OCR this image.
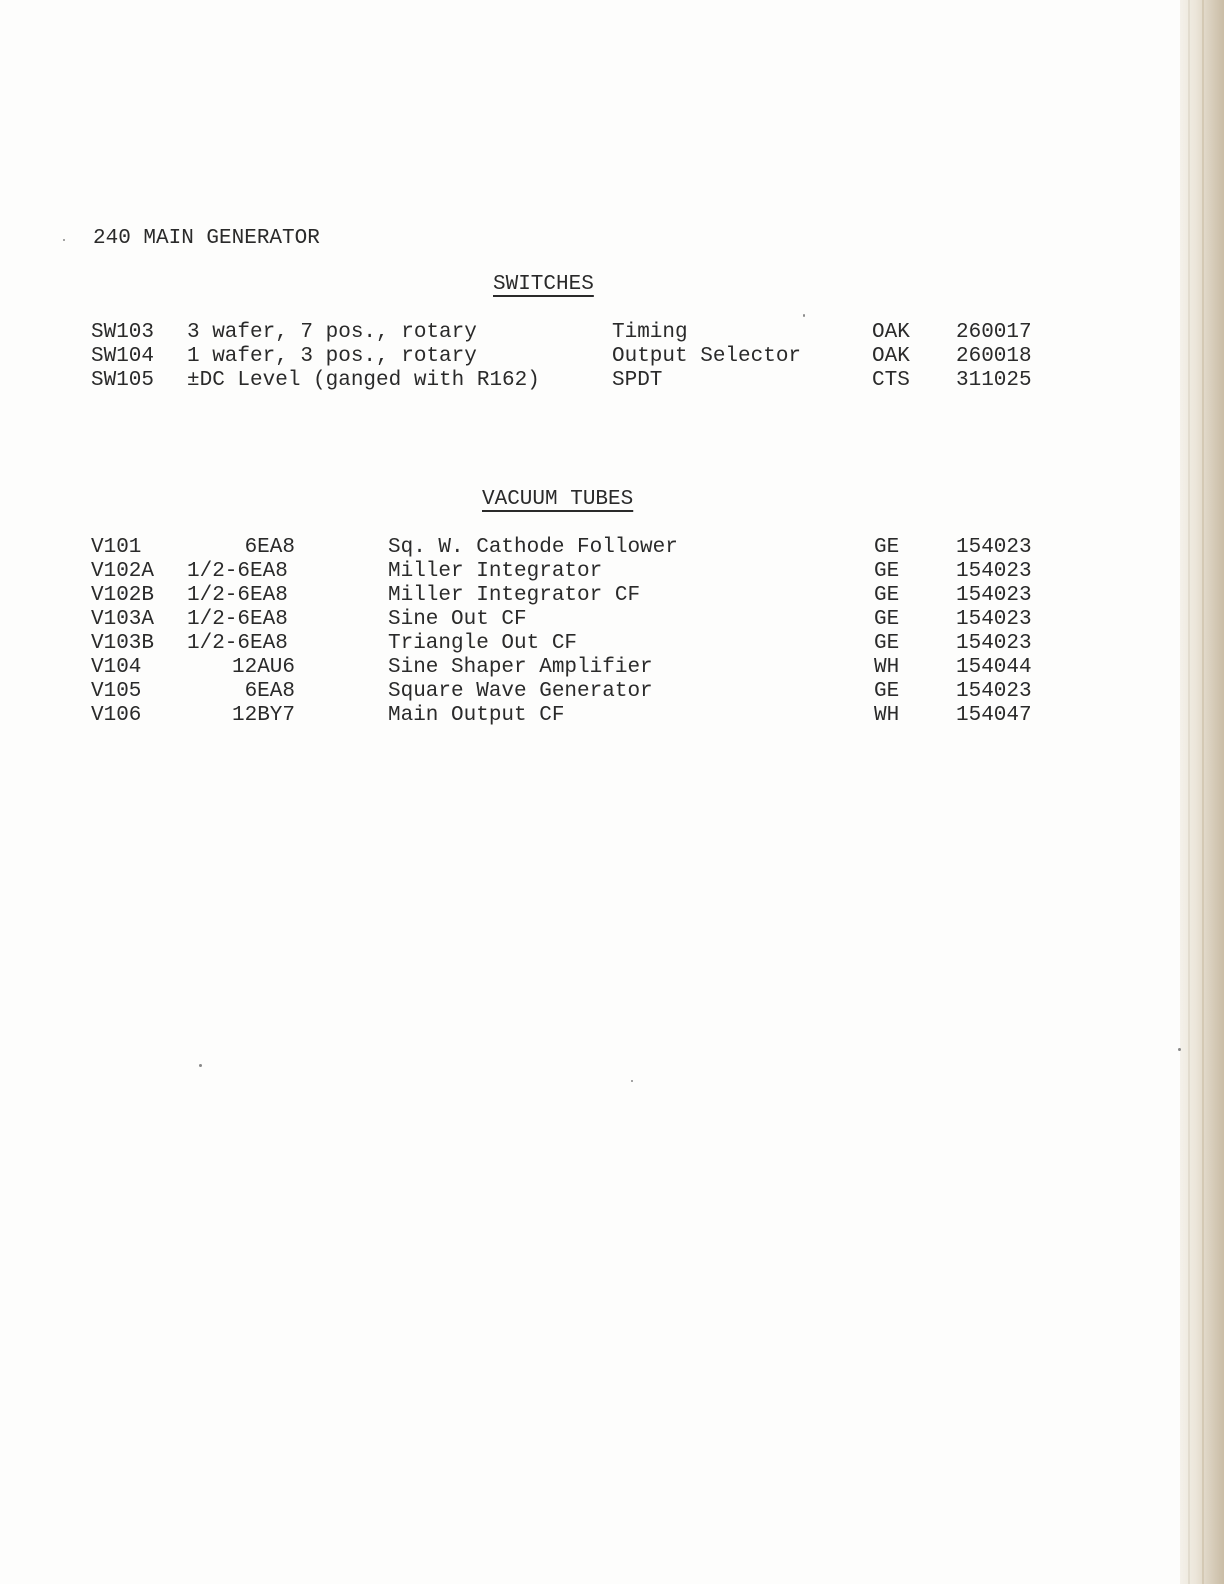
240 MAIN GENERATOR
SWITCHES
SW103 3 wafer, 7 pos., rotary	Timing	OAK 260017
SW104 1 wafer, 3 pos., rotary	Output Selector	OAK 260018
SW105 ±DC Level (ganged with R162)	SPDT	CTS 311025
VACUUM TUBES
V101	6EA8	Sq. W. Cathode Follower	GE	154023
V102A 1/2-6EA8	Miller Integrator	GE	154023
V102B 1/2-6EA8	Miller Integrator CF	GE	154023
V103A 1/2-6EA8	Sine Out CF	GE	154023
V103B 1/2-6EA8	Triangle Out CF	GE	154023
V104	12AU6	Sine Shaper Amplifier	WH	154044
V105	6EA8	Square Wave Generator	GE	154023
V106	12BY7	Main Output CF	WH	154047
